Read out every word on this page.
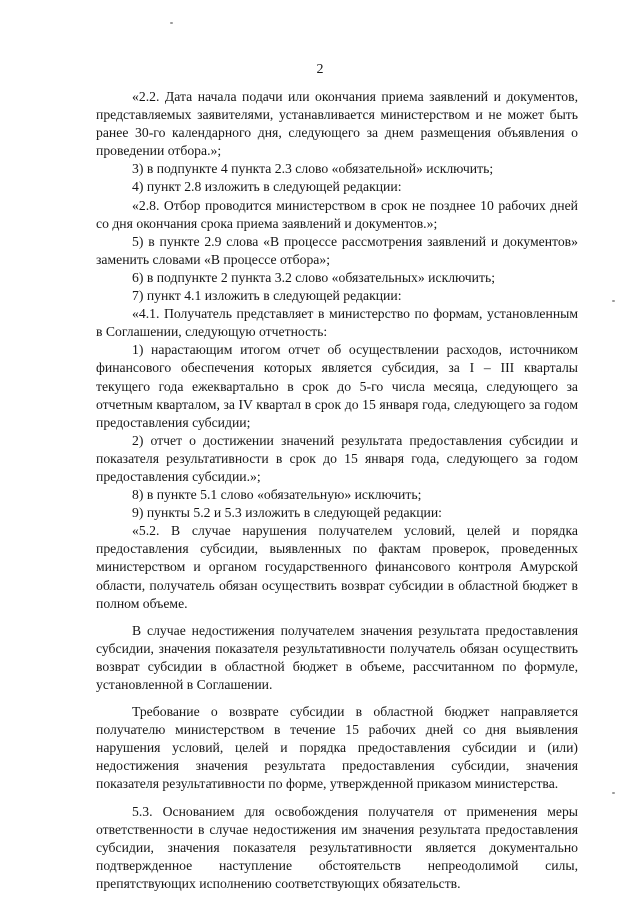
2

«2.2. Дата начала подачи или окончания приема заявлений и документов, представляемых заявителями, устанавливается министерством и не может быть ранее 30-го календарного дня, следующего за днем размещения объявления о проведении отбора.»;

3) в подпункте 4 пункта 2.3 слово «обязательной» исключить;

4) пункт 2.8 изложить в следующей редакции:

«2.8. Отбор проводится министерством в срок не позднее 10 рабочих дней со дня окончания срока приема заявлений и документов.»;

5) в пункте 2.9 слова «В процессе рассмотрения заявлений и документов» заменить словами «В процессе отбора»;

6) в подпункте 2 пункта 3.2 слово «обязательных» исключить;

7) пункт 4.1 изложить в следующей редакции:

«4.1. Получатель представляет в министерство по формам, установленным в Соглашении, следующую отчетность:

1) нарастающим итогом отчет об осуществлении расходов, источником финансового обеспечения которых является субсидия, за I – III кварталы текущего года ежеквартально в срок до 5-го числа месяца, следующего за отчетным кварталом, за IV квартал в срок до 15 января года, следующего за годом предоставления субсидии;

2) отчет о достижении значений результата предоставления субсидии и показателя результативности в срок до 15 января года, следующего за годом предоставления субсидии.»;

8) в пункте 5.1 слово «обязательную» исключить;

9) пункты 5.2 и 5.3 изложить в следующей редакции:

«5.2. В случае нарушения получателем условий, целей и порядка предоставления субсидии, выявленных по фактам проверок, проведенных министерством и органом государственного финансового контроля Амурской области, получатель обязан осуществить возврат субсидии в областной бюджет в полном объеме.

В случае недостижения получателем значения результата предоставления субсидии, значения показателя результативности получатель обязан осуществить возврат субсидии в областной бюджет в объеме, рассчитанном по формуле, установленной в Соглашении.

Требование о возврате субсидии в областной бюджет направляется получателю министерством в течение 15 рабочих дней со дня выявления нарушения условий, целей и порядка предоставления субсидии и (или) недостижения значения результата предоставления субсидии, значения показателя результативности по форме, утвержденной приказом министерства.

5.3. Основанием для освобождения получателя от применения меры ответственности в случае недостижения им значения результата предоставления субсидии, значения показателя результативности является документально подтвержденное наступление обстоятельств непреодолимой силы, препятствующих исполнению соответствующих обязательств.
